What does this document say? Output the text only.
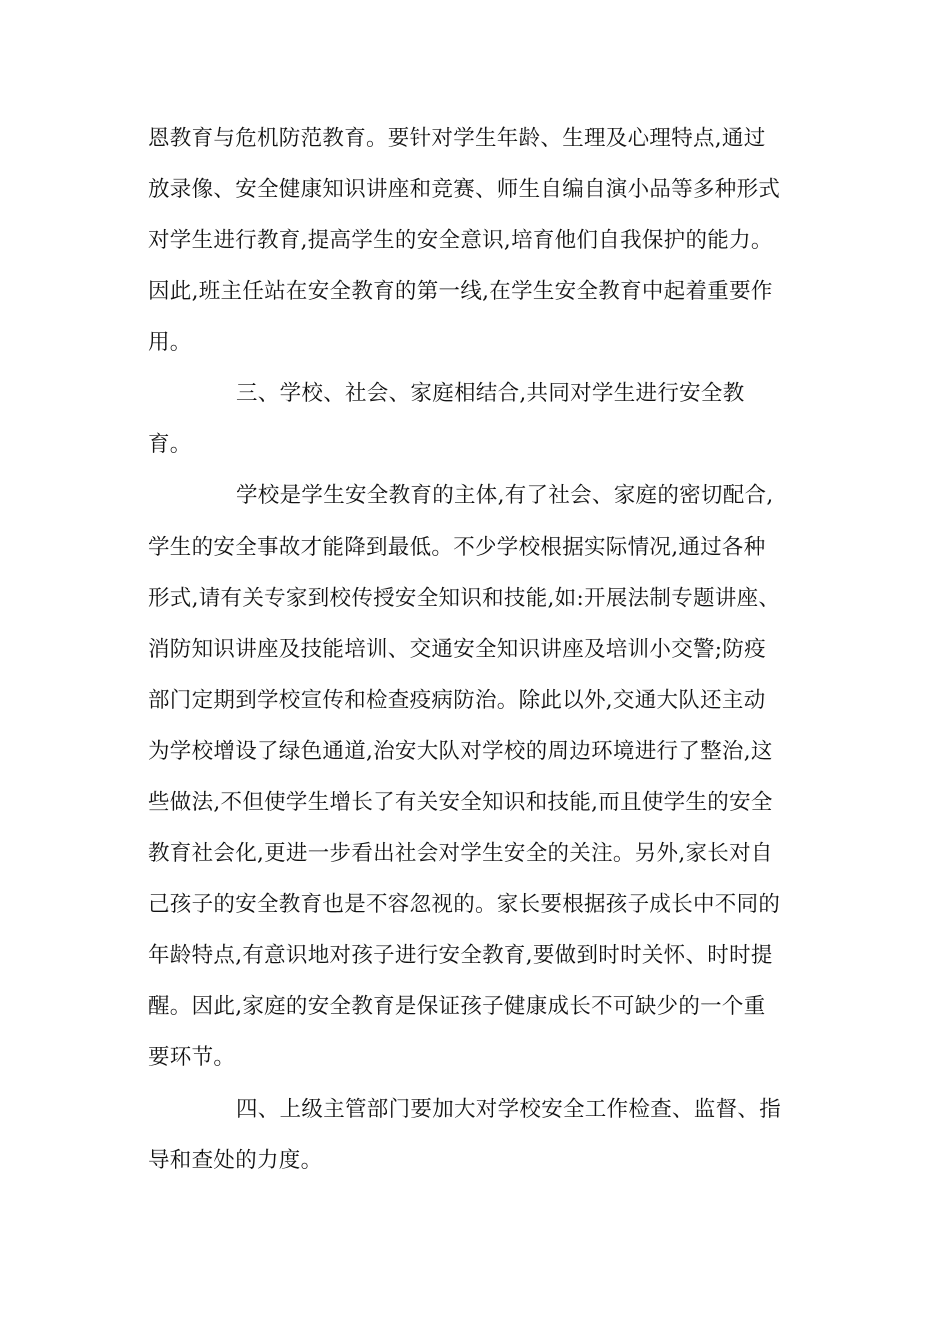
恩教育与危机防范教育。要针对学生年龄、生理及心理特点,通过
放录像、安全健康知识讲座和竞赛、师生自编自演小品等多种形式
对学生进行教育,提高学生的安全意识,培育他们自我保护的能力。
因此,班主任站在安全教育的第一线,在学生安全教育中起着重要作
用。
三、学校、社会、家庭相结合,共同对学生进行安全教
育。
学校是学生安全教育的主体,有了社会、家庭的密切配合,
学生的安全事故才能降到最低。不少学校根据实际情况,通过各种
形式,请有关专家到校传授安全知识和技能,如:开展法制专题讲座、
消防知识讲座及技能培训、交通安全知识讲座及培训小交警;防疫
部门定期到学校宣传和检查疫病防治。除此以外,交通大队还主动
为学校增设了绿色通道,治安大队对学校的周边环境进行了整治,这
些做法,不但使学生增长了有关安全知识和技能,而且使学生的安全
教育社会化,更进一步看出社会对学生安全的关注。另外,家长对自
己孩子的安全教育也是不容忽视的。家长要根据孩子成长中不同的
年龄特点,有意识地对孩子进行安全教育,要做到时时关怀、时时提
醒。因此,家庭的安全教育是保证孩子健康成长不可缺少的一个重
要环节。
四、上级主管部门要加大对学校安全工作检查、监督、指
导和查处的力度。
